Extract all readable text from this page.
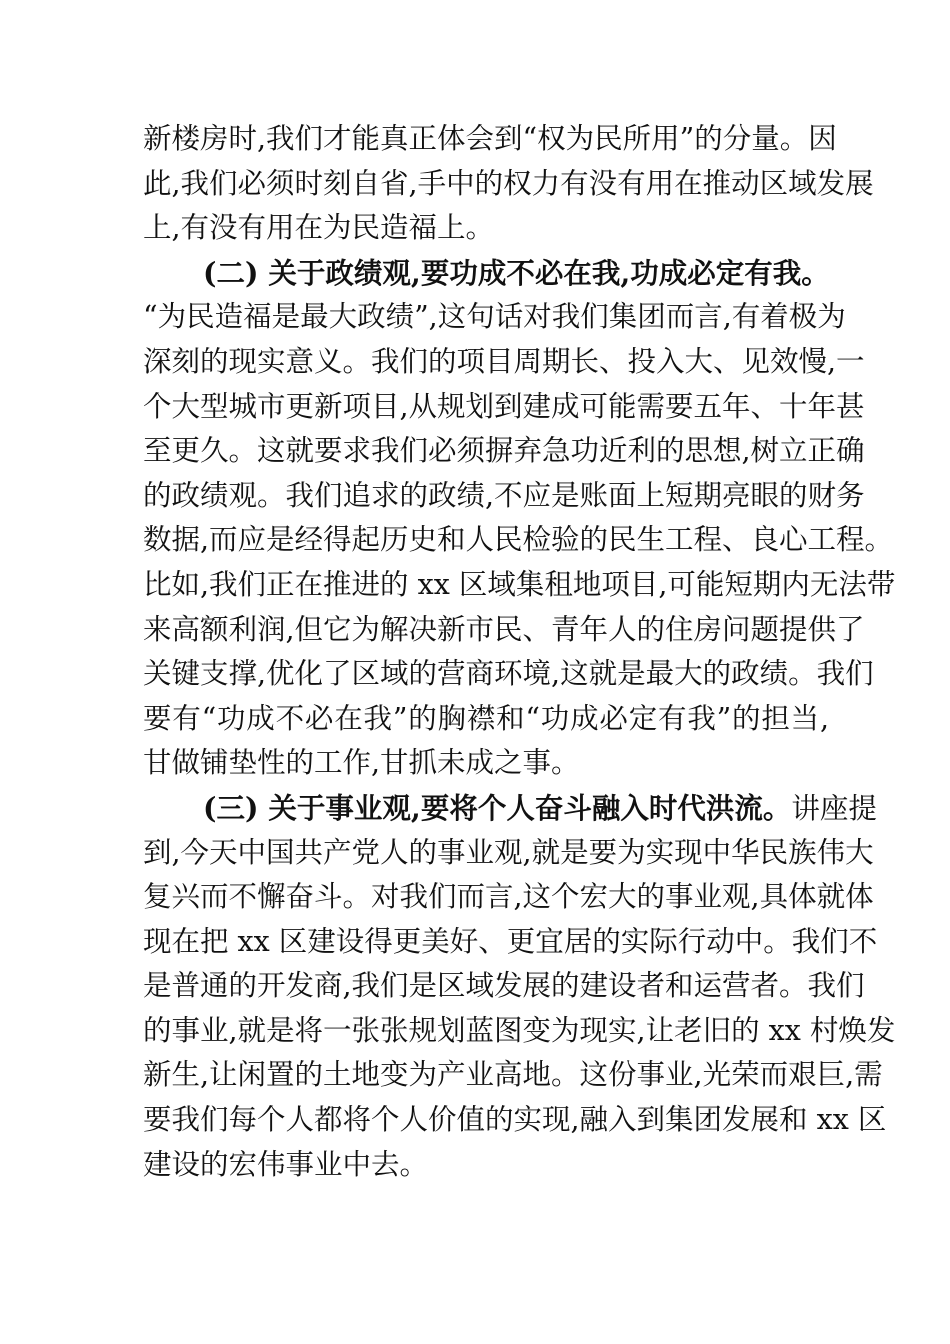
新楼房时,我们才能真正体会到“权为民所用”的分量。因
此,我们必须时刻自省,手中的权力有没有用在推动区域发展
上,有没有用在为民造福上。
(二) 关于政绩观,要功成不必在我,功成必定有我。
“为民造福是最大政绩”,这句话对我们集团而言,有着极为
深刻的现实意义。我们的项目周期长、投入大、见效慢,一
个大型城市更新项目,从规划到建成可能需要五年、十年甚
至更久。这就要求我们必须摒弃急功近利的思想,树立正确
的政绩观。我们追求的政绩,不应是账面上短期亮眼的财务
数据,而应是经得起历史和人民检验的民生工程、良心工程。
比如,我们正在推进的 xx 区域集租地项目,可能短期内无法带
来高额利润,但它为解决新市民、青年人的住房问题提供了
关键支撑,优化了区域的营商环境,这就是最大的政绩。我们
要有“功成不必在我”的胸襟和“功成必定有我”的担当,
甘做铺垫性的工作,甘抓未成之事。
(三) 关于事业观,要将个人奋斗融入时代洪流。讲座提
到,今天中国共产党人的事业观,就是要为实现中华民族伟大
复兴而不懈奋斗。对我们而言,这个宏大的事业观,具体就体
现在把 xx 区建设得更美好、更宜居的实际行动中。我们不
是普通的开发商,我们是区域发展的建设者和运营者。我们
的事业,就是将一张张规划蓝图变为现实,让老旧的 xx 村焕发
新生,让闲置的土地变为产业高地。这份事业,光荣而艰巨,需
要我们每个人都将个人价值的实现,融入到集团发展和 xx 区
建设的宏伟事业中去。
